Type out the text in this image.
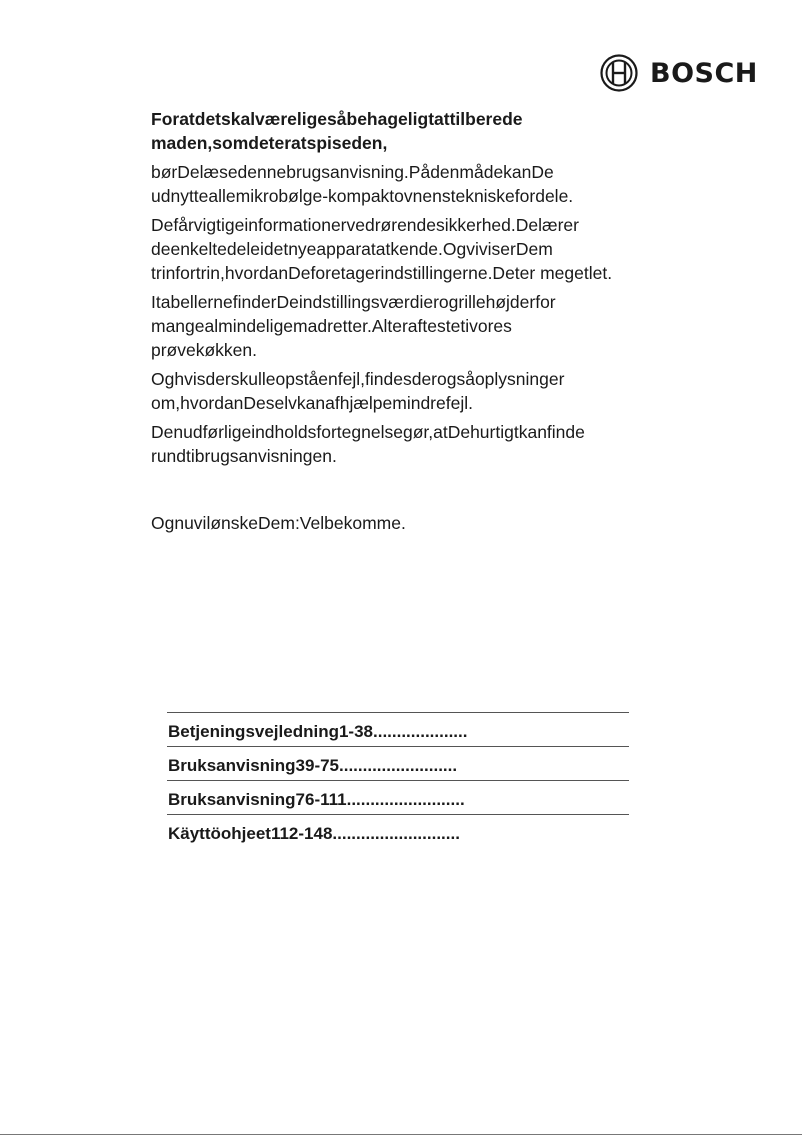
BOSCH

Foratdetskalværeligesåbehageligtattilberede maden,somdeteratspiseden,

børDelæsedennebrugsanvisning.PådenmådekanDe udnytteallemikrobølge-kompaktovnenstekniskefordele.

Defårvigtigeinformationervedrørendesikkerhed.Delærer deenkeltedeleidetnyeapparatatkende.OgviviserDem trinfortrin,hvordanDeforetagerindstillingerne.Deter megetlet.

ItabellernefinderDeindstillingsværdierogrillehøjderfor mangealmindeligemadretter.Alteraftestetivores prøvekøkken.

Oghvisderskulleopståenfejl,findesderogsåoplysninger om,hvordanDeselvkanafhjælpemindrefejl.

Denudførligeindholdsfortegnelsegør,atDehurtigtkanfinde rundtibrugsanvisningen.

OgnuvilønskeDem:Velbekomme.

Betjeningsvejledning1-38....................
Bruksanvisning39-75.........................
Bruksanvisning76-111.........................
Käyttöohjeet112-148...........................
